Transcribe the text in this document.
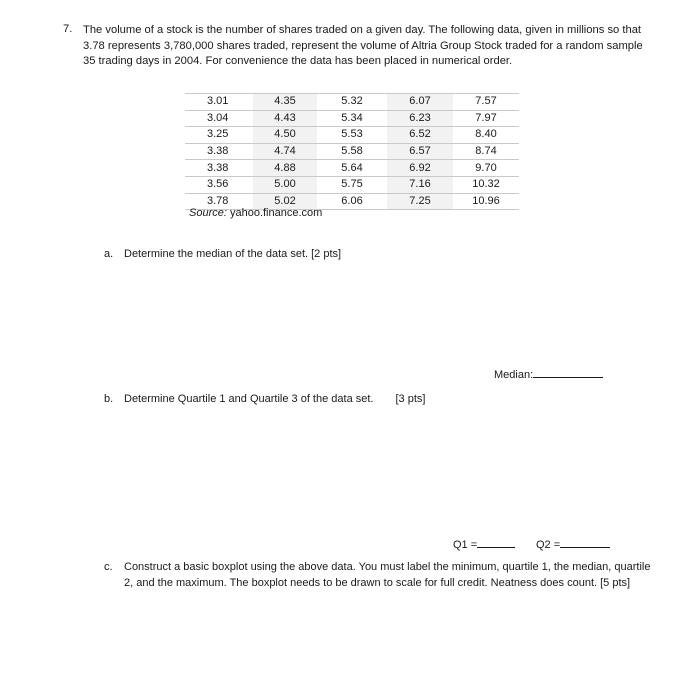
7. The volume of a stock is the number of shares traded on a given day. The following data, given in millions so that 3.78 represents 3,780,000 shares traded, represent the volume of Altria Group Stock traded for a random sample 35 trading days in 2004. For convenience the data has been placed in numerical order.
3.01	4.35	5.32	6.07	7.57
3.04	4.43	5.34	6.23	7.97
3.25	4.50	5.53	6.52	8.40
3.38	4.74	5.58	6.57	8.74
3.38	4.88	5.64	6.92	9.70
3.56	5.00	5.75	7.16	10.32
3.78	5.02	6.06	7.25	10.96
Source: yahoo.finance.com
a. Determine the median of the data set. [2 pts]
Median:
b. Determine Quartile 1 and Quartile 3 of the data set. [3 pts]
Q1 =	Q2 =
c.	Construct a basic boxplot using the above data. You must label the minimum, quartile 1, the median, quartile 2, and the maximum. The boxplot needs to be drawn to scale for full credit. Neatness does count. [5 pts]
